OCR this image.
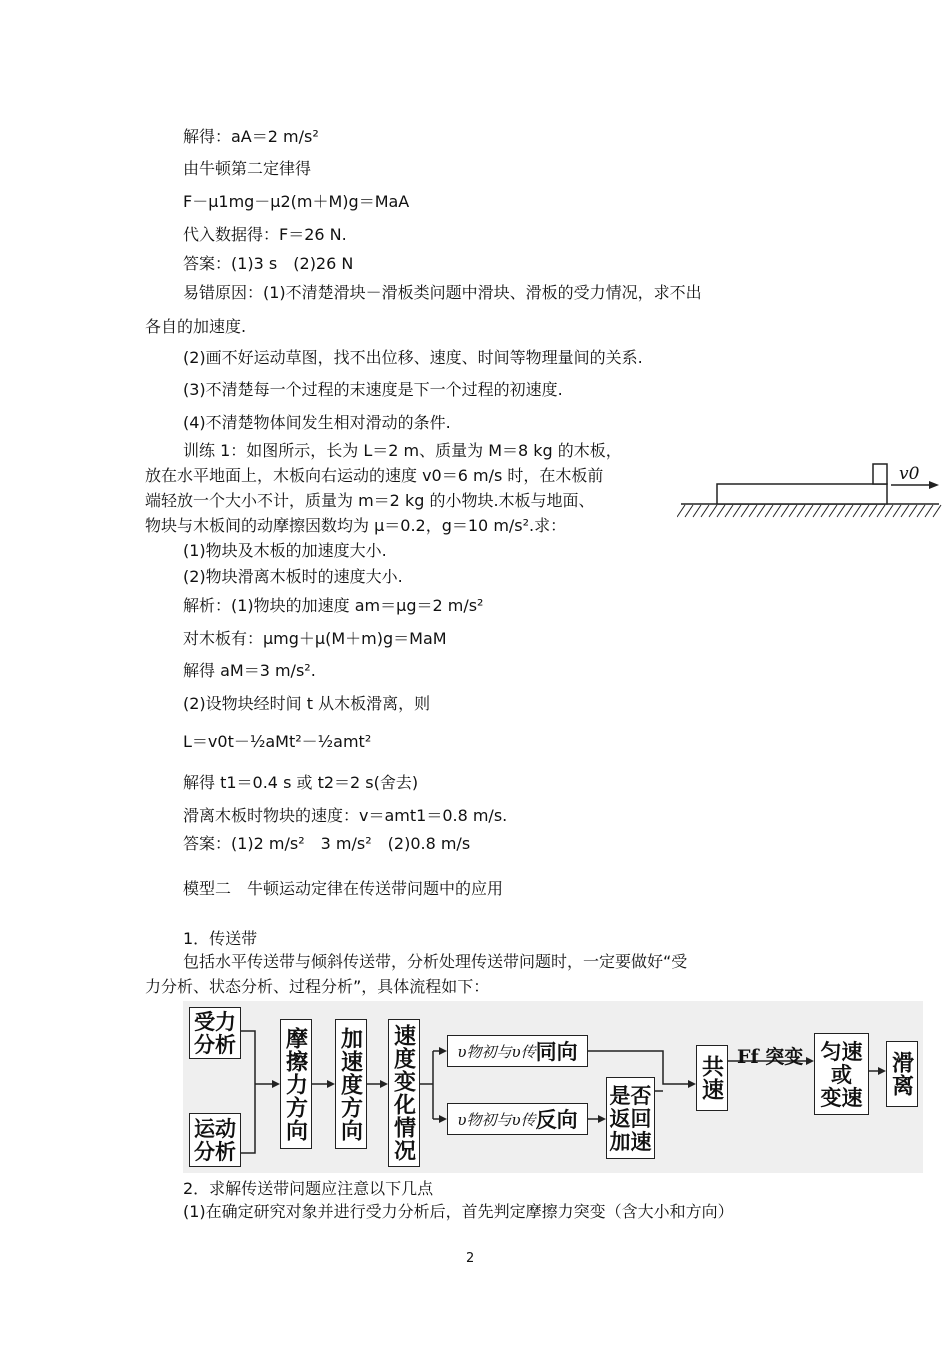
解得：aA＝2 m/s²
由牛顿第二定律得
F－μ1mg－μ2(m＋M)g＝MaA
代入数据得：F＝26 N.
答案：(1)3 s　(2)26 N
易错原因：(1)不清楚滑块－滑板类问题中滑块、滑板的受力情况，求不出
各自的加速度.
(2)画不好运动草图，找不出位移、速度、时间等物理量间的关系.
(3)不清楚每一个过程的末速度是下一个过程的初速度.
(4)不清楚物体间发生相对滑动的条件.
训练 1：如图所示，长为 L＝2 m、质量为 M＝8 kg 的木板，
放在水平地面上，木板向右运动的速度 v0＝6 m/s 时，在木板前
端轻放一个大小不计，质量为 m＝2 kg 的小物块.木板与地面、
物块与木板间的动摩擦因数均为 μ＝0.2，g＝10 m/s².求：
(1)物块及木板的加速度大小.
(2)物块滑离木板时的速度大小.
解析：(1)物块的加速度 am＝μg＝2 m/s²
对木板有：μmg＋μ(M＋m)g＝MaM
解得 aM＝3 m/s².
(2)设物块经时间 t 从木板滑离，则
L＝v0t－½aMt²－½amt²
解得 t1＝0.4 s 或 t2＝2 s(舍去)
滑离木板时物块的速度：v＝amt1＝0.8 m/s.
答案：(1)2 m/s²　3 m/s²　(2)0.8 m/s
模型二　牛顿运动定律在传送带问题中的应用
1．传送带
包括水平传送带与倾斜传送带，分析处理传送带问题时，一定要做好“受
力分析、状态分析、过程分析”，具体流程如下：
2．求解传送带问题应注意以下几点
(1)在确定研究对象并进行受力分析后，首先判定摩擦力突变（含大小和方向）
v0
受力
分析
运动
分析
摩擦力方向 加速度方向 速度变化情况	υ物初与υ传 同向
υ物初与υ传 反向
是否
返回
加速
共速 Ff 突变 匀速
或
变速 滑离
2
